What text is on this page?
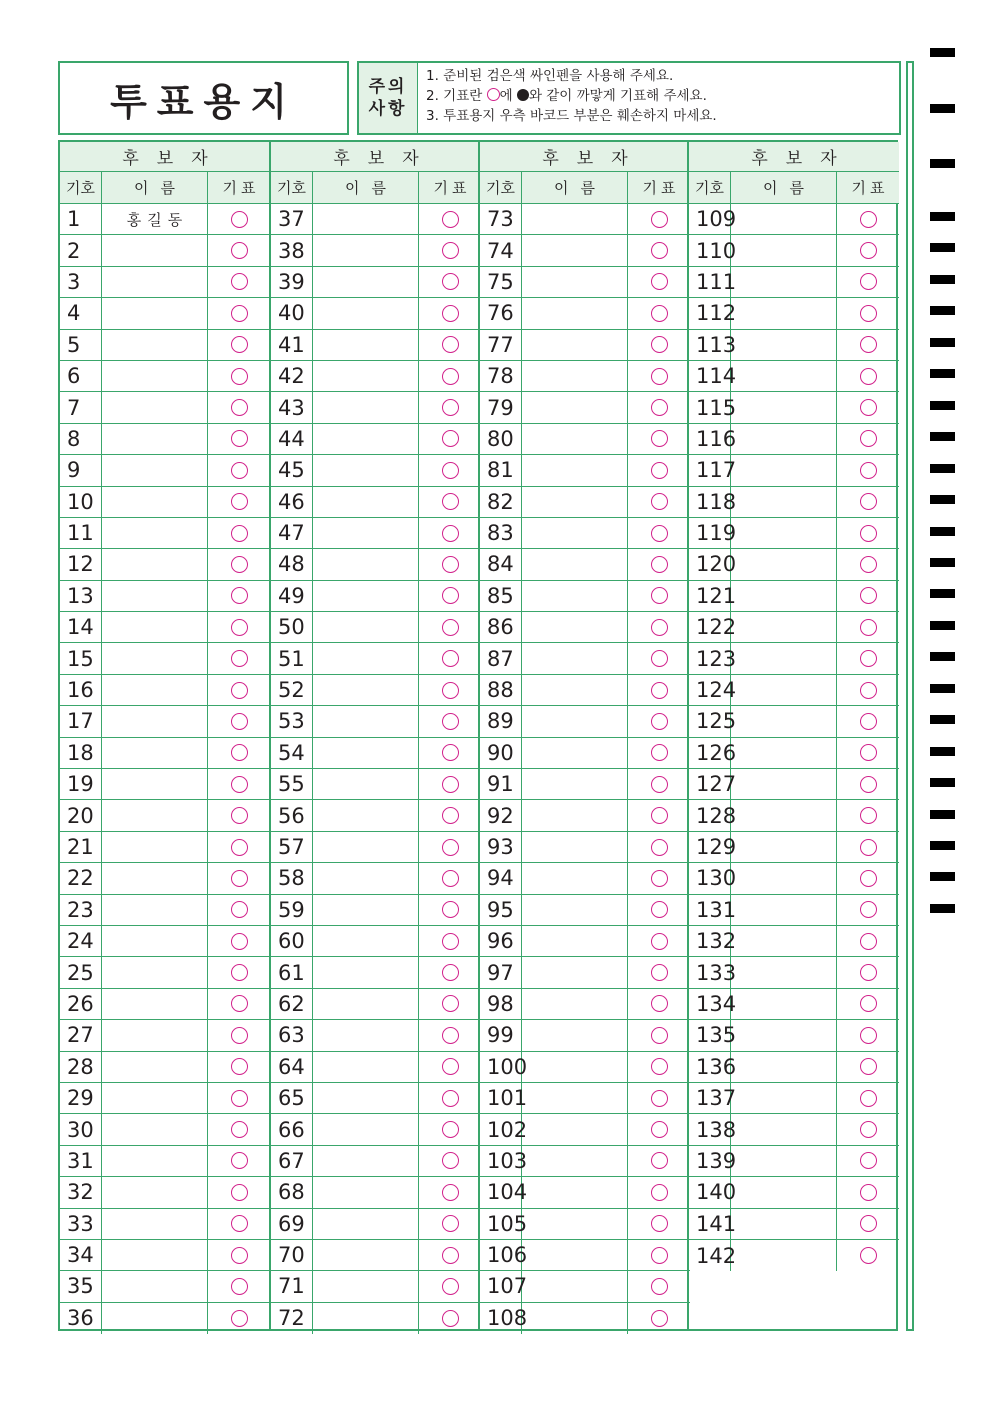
투표용지	주의
사항
1. 준비된 검은색 싸인펜을 사용해 주세요.
2. 기표란 에 와 같이 까맣게 기표해 주세요.
3. 투표용지 우측 바코드 부분은 훼손하지 마세요.
후보자
기호	이름	기표
1	홍길동
2
3
4
5
6
7
8
9
10
11
12
13
14
15
16
17
18
19
20
21
22
23
24
25
26
27
28
29
30
31
32
33
34
35
36
후보자
기호	이름	기표
37
38
39
40
41
42
43
44
45
46
47
48
49
50
51
52
53
54
55
56
57
58
59
60
61
62
63
64
65
66
67
68
69
70
71
72
후보자
기호	이름	기표
73
74
75
76
77
78
79
80
81
82
83
84
85
86
87
88
89
90
91
92
93
94
95
96
97
98
99
100
101
102
103
104
105
106
107
108
후보자
기호	이름	기표
109
110
111
112
113
114
115
116
117
118
119
120
121
122
123
124
125
126
127
128
129
130
131
132
133
134
135
136
137
138
139
140
141
142
